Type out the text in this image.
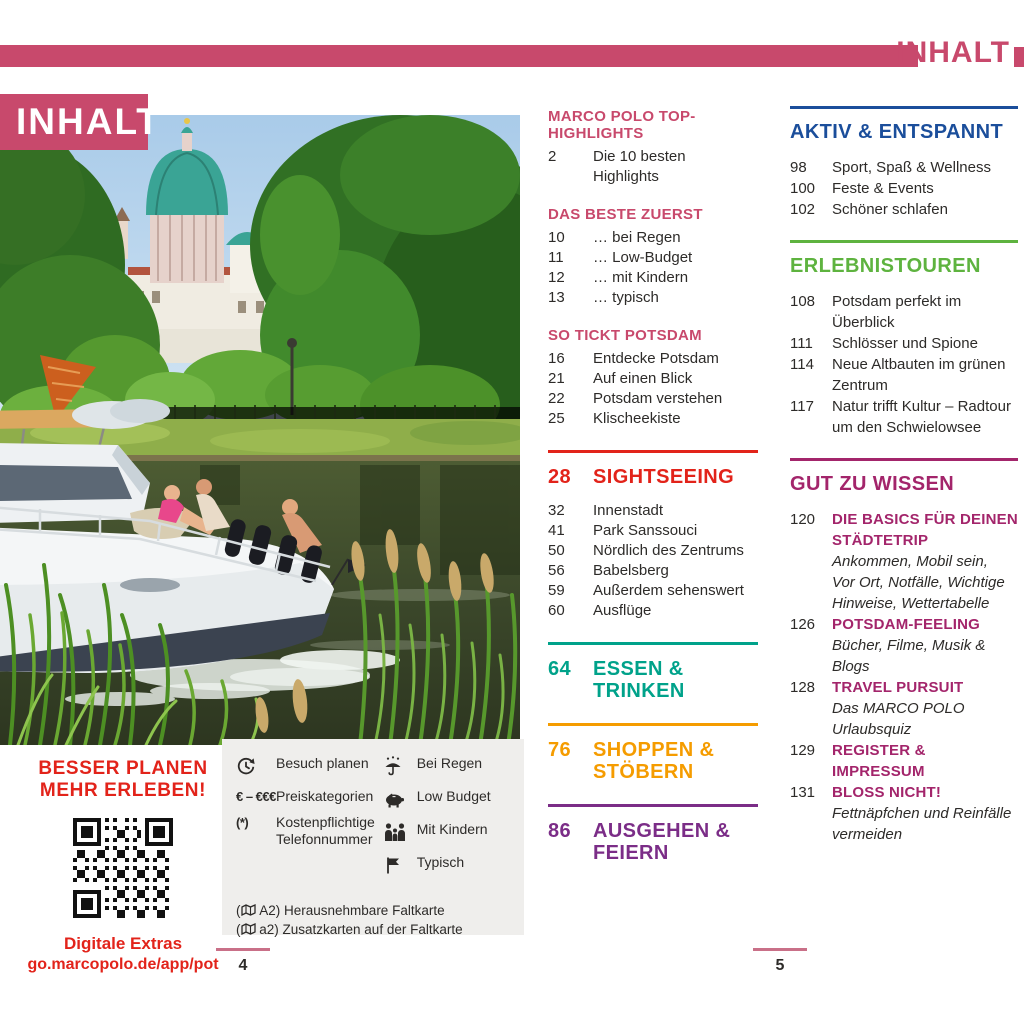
INHALT
INHALT	MARCO POLO TOP-HIGHLIGHTS
2	Die 10 besten
Highlights
DAS BESTE ZUERST
10	… bei Regen
11	… Low-Budget
12	… mit Kindern
13	… typisch
SO TICKT POTSDAM
16	Entdecke Potsdam
21	Auf einen Blick
22	Potsdam verstehen
25	Klischeekiste
28	SIGHTSEEING
32	Innenstadt
41	Park Sanssouci
50	Nördlich des Zentrums
56	Babelsberg
59	Außerdem sehenswert
60	Ausflüge
64	ESSEN & TRINKEN
76	SHOPPEN & STÖBERN
86	AUSGEHEN & FEIERN
AKTIV & ENTSPANNT
98	Sport, Spaß & Wellness
100	Feste & Events
102	Schöner schlafen
ERLEBNISTOUREN
108	Potsdam perfekt im Überblick
111	Schlösser und Spione
114	Neue Altbauten im grünen
Zentrum
117	Natur trifft Kultur – Radtour
um den Schwielowsee
GUT ZU WISSEN
120	DIE BASICS FÜR DEINEN
STÄDTETRIP
Ankommen, Mobil sein,
Vor Ort, Notfälle, Wichtige
Hinweise, Wettertabelle
126	POTSDAM-FEELING
Bücher, Filme, Musik & Blogs
128	TRAVEL PURSUIT
Das MARCO POLO Urlaubsquiz
129	REGISTER & IMPRESSUM
131	BLOSS NICHT!
Fettnäpfchen und Reinfälle
vermeiden
BESSER PLANEN
MEHR ERLEBEN!
Digitale Extras
go.marcopolo.de/app/pot
Besuch planen
€ – €€€ Preiskategorien
(*)	Kostenpflichtige
Telefonnummer
Bei Regen
Low Budget
Mit Kindern
Typisch
( A2) Herausnehmbare Faltkarte
( a2) Zusatzkarten auf der Faltkarte
4	5
